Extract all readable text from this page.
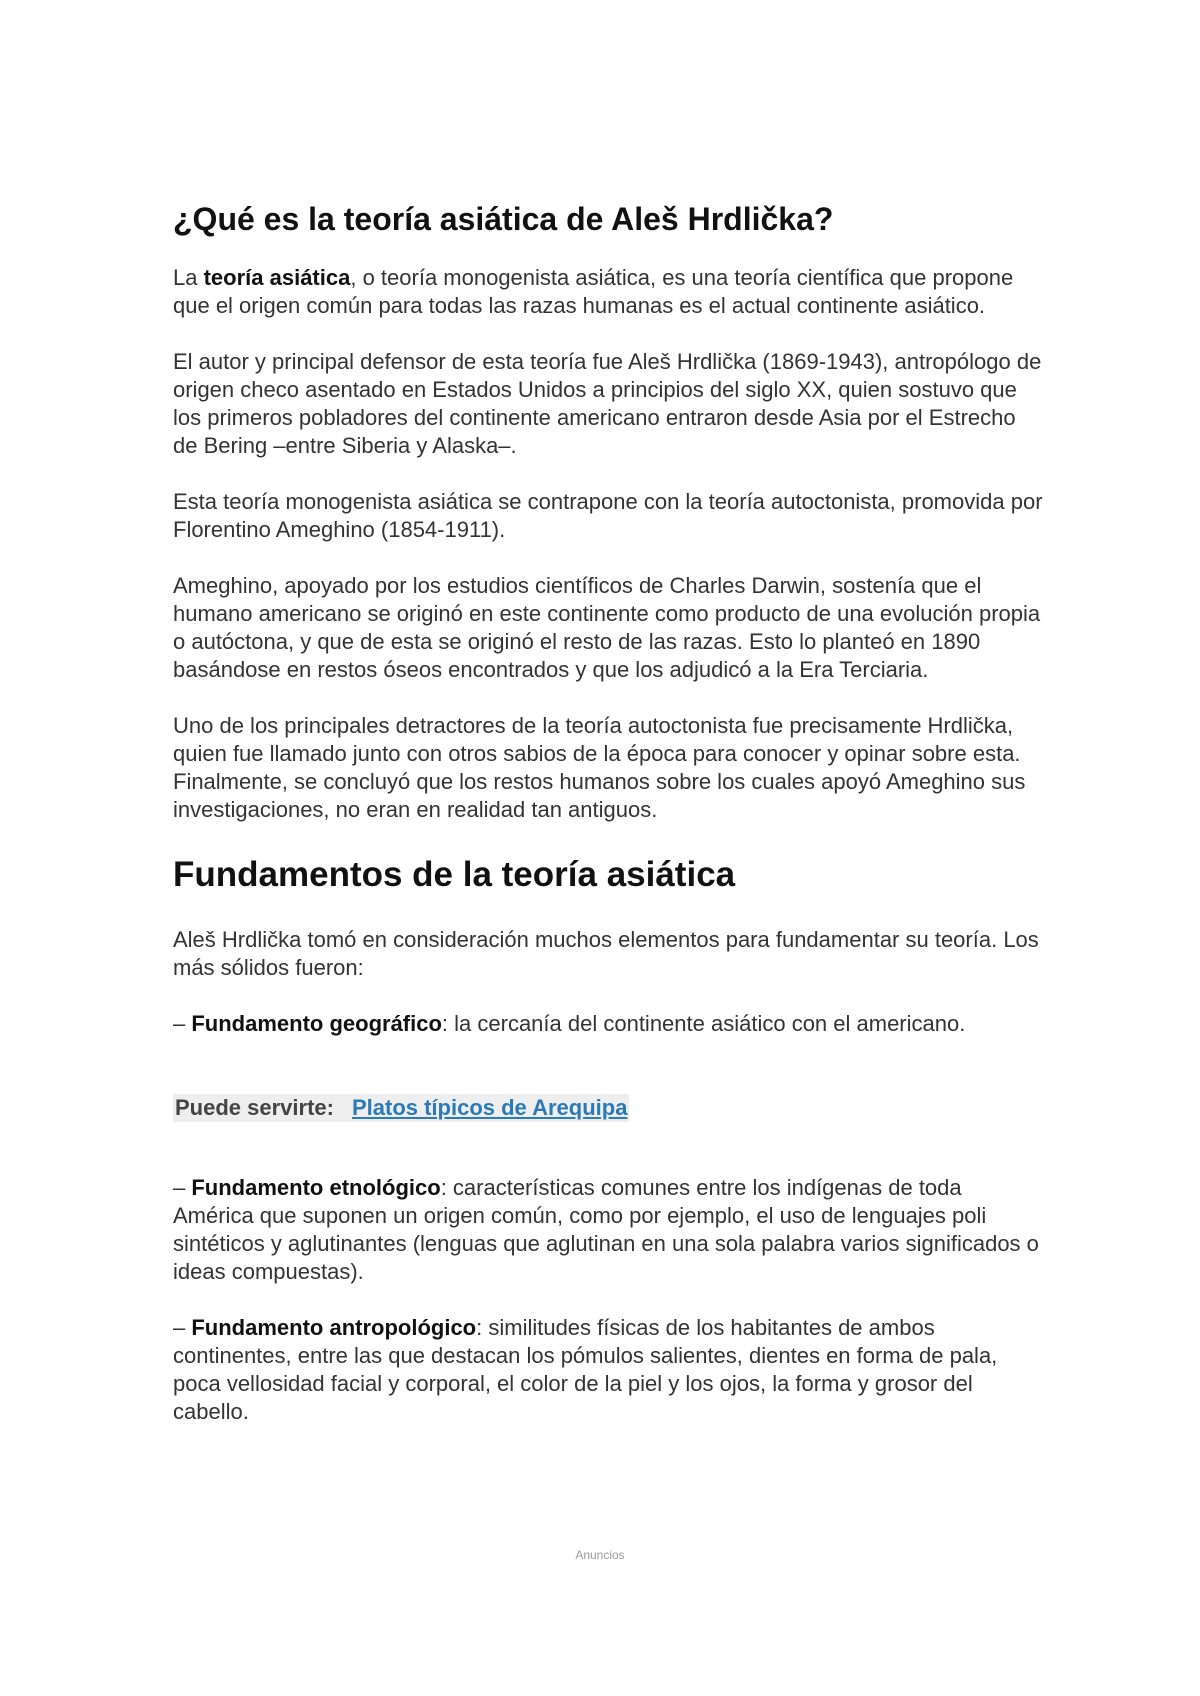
¿Qué es la teoría asiática de Aleš Hrdlička?

La teoría asiática, o teoría monogenista asiática, es una teoría científica que propone que el origen común para todas las razas humanas es el actual continente asiático.

El autor y principal defensor de esta teoría fue Aleš Hrdlička (1869-1943), antropólogo de origen checo asentado en Estados Unidos a principios del siglo XX, quien sostuvo que los primeros pobladores del continente americano entraron desde Asia por el Estrecho de Bering –entre Siberia y Alaska–.

Esta teoría monogenista asiática se contrapone con la teoría autoctonista, promovida por Florentino Ameghino (1854-1911).

Ameghino, apoyado por los estudios científicos de Charles Darwin, sostenía que el humano americano se originó en este continente como producto de una evolución propia o autóctona, y que de esta se originó el resto de las razas. Esto lo planteó en 1890 basándose en restos óseos encontrados y que los adjudicó a la Era Terciaria.

Uno de los principales detractores de la teoría autoctonista fue precisamente Hrdlička, quien fue llamado junto con otros sabios de la época para conocer y opinar sobre esta. Finalmente, se concluyó que los restos humanos sobre los cuales apoyó Ameghino sus investigaciones, no eran en realidad tan antiguos.

Fundamentos de la teoría asiática

Aleš Hrdlička tomó en consideración muchos elementos para fundamentar su teoría. Los más sólidos fueron:

– Fundamento geográfico: la cercanía del continente asiático con el americano.

Puede servirte: Platos típicos de Arequipa

– Fundamento etnológico: características comunes entre los indígenas de toda América que suponen un origen común, como por ejemplo, el uso de lenguajes poli sintéticos y aglutinantes (lenguas que aglutinan en una sola palabra varios significados o ideas compuestas).

– Fundamento antropológico: similitudes físicas de los habitantes de ambos continentes, entre las que destacan los pómulos salientes, dientes en forma de pala, poca vellosidad facial y corporal, el color de la piel y los ojos, la forma y grosor del cabello.

Anuncios
